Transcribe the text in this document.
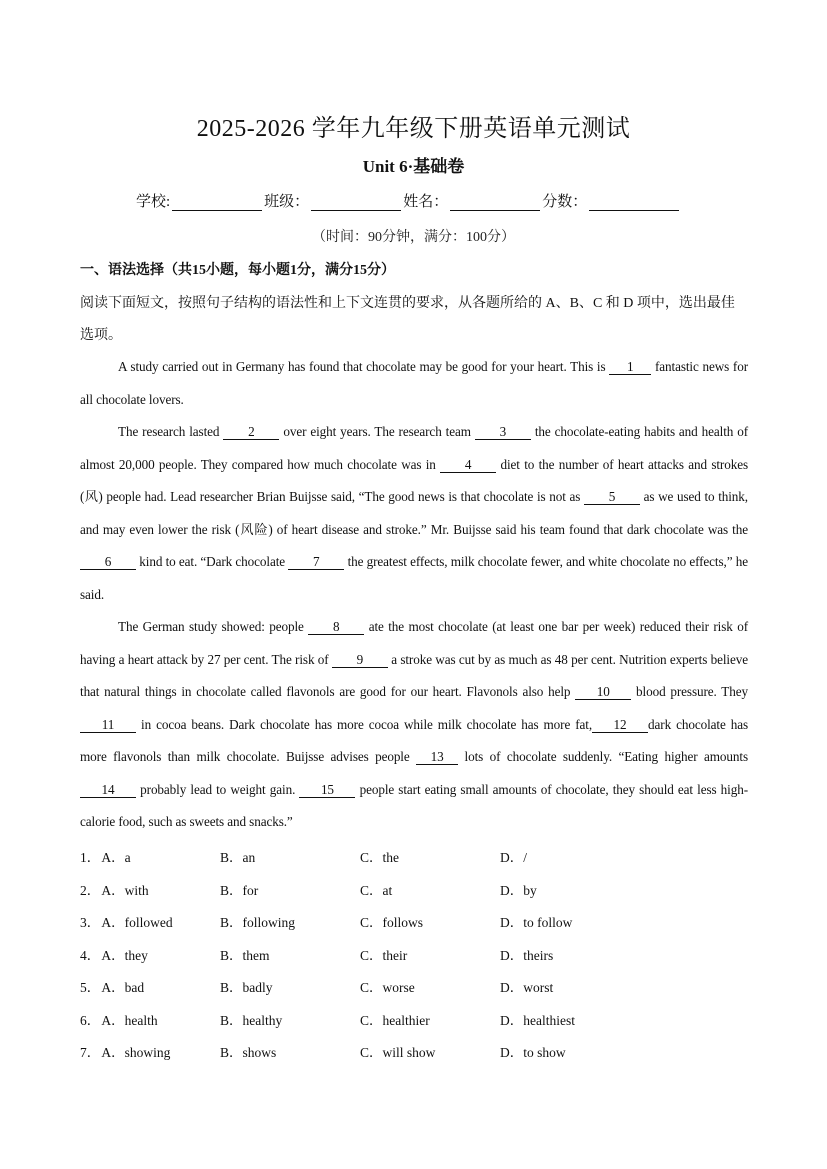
2025-2026 学年九年级下册英语单元测试
Unit 6·基础卷
学校:	班级：	姓名：	分数：
（时间：90分钟，满分：100分）
一、语法选择（共15小题，每小题1分，满分15分）
阅读下面短文，按照句子结构的语法性和上下文连贯的要求，从各题所给的 A、B、C 和 D 项中，选出最佳选项。

A study carried out in Germany has found that chocolate may be good for your heart. This is 1 fantastic news for all chocolate lovers.

The research lasted 2 over eight years. The research team 3 the chocolate-eating habits and health of almost 20,000 people. They compared how much chocolate was in 4 diet to the number of heart attacks and strokes (风) people had. Lead researcher Brian Buijsse said, “The good news is that chocolate is not as 5 as we used to think, and may even lower the risk (风险) of heart disease and stroke.” Mr. Buijsse said his team found that dark chocolate was the 6 kind to eat. “Dark chocolate 7 the greatest effects, milk chocolate fewer, and white chocolate no effects,” he said.

The German study showed: people 8 ate the most chocolate (at least one bar per week) reduced their risk of having a heart attack by 27 per cent. The risk of 9 a stroke was cut by as much as 48 per cent. Nutrition experts believe that natural things in chocolate called flavonols are good for our heart. Flavonols also help 10 blood pressure. They 11 in cocoa beans. Dark chocolate has more cocoa while milk chocolate has more fat, 12 dark chocolate has more flavonols than milk chocolate. Buijsse advises people 13 lots of chocolate suddenly. “Eating higher amounts 14 probably lead to weight gain. 15 people start eating small amounts of chocolate, they should eat less high-calorie food, such as sweets and snacks.”

1． A．a	B．an	C．the	D．/
2． A．with	B．for	C．at	D．by
3． A．followed	B．following	C．follows	D．to follow
4． A．they	B．them	C．their	D．theirs
5． A．bad	B．badly	C．worse	D．worst
6． A．health	B．healthy	C．healthier	D．healthiest
7． A．showing	B．shows	C．will show	D．to show
